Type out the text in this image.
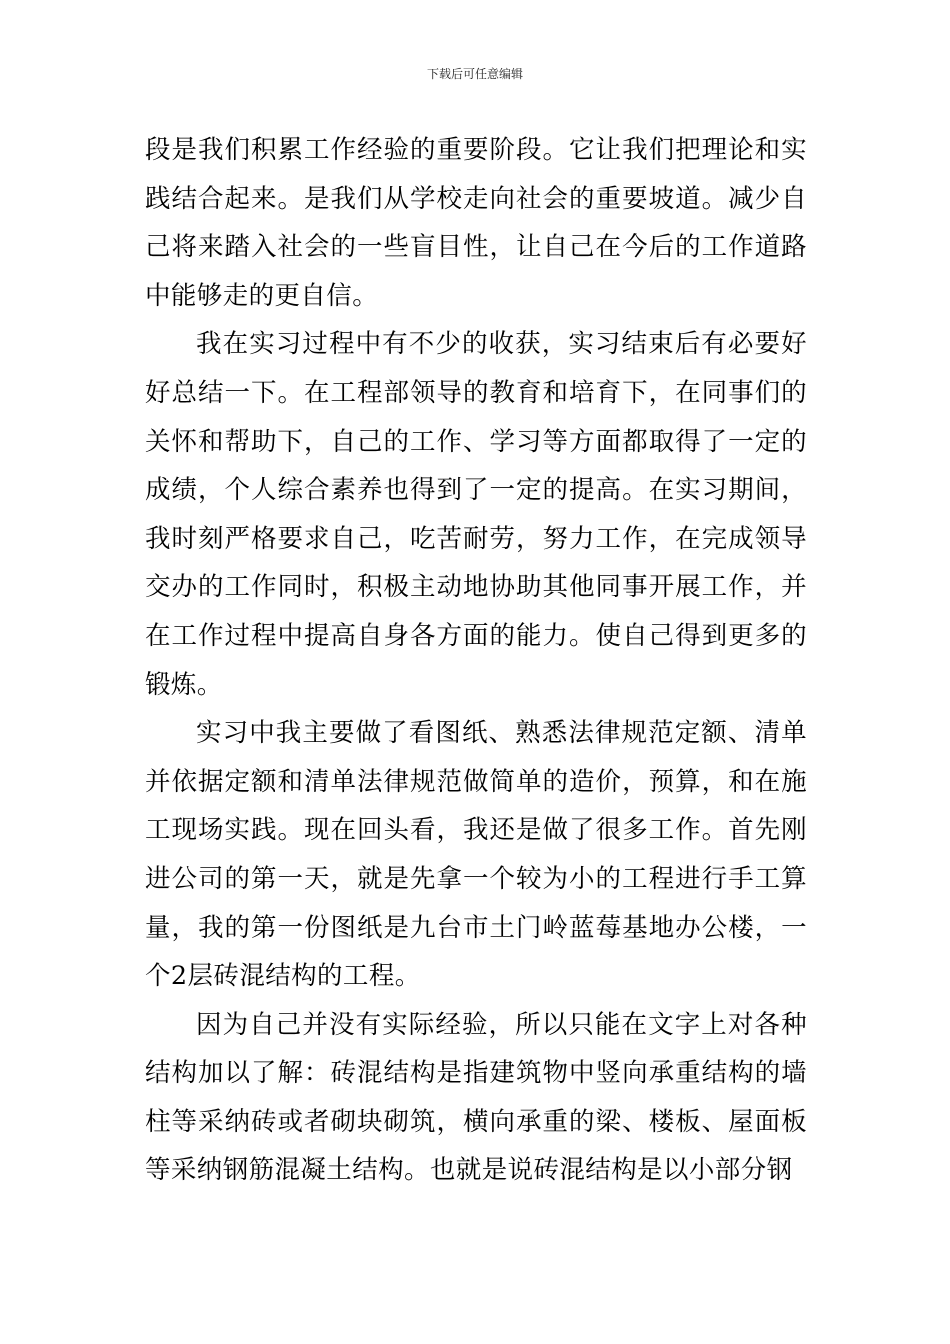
下载后可任意编辑

段是我们积累工作经验的重要阶段。它让我们把理论和实践结合起来。是我们从学校走向社会的重要坡道。减少自己将来踏入社会的一些盲目性，让自己在今后的工作道路中能够走的更自信。

我在实习过程中有不少的收获，实习结束后有必要好好总结一下。在工程部领导的教育和培育下，在同事们的关怀和帮助下，自己的工作、学习等方面都取得了一定的成绩，个人综合素养也得到了一定的提高。在实习期间，我时刻严格要求自己，吃苦耐劳，努力工作，在完成领导交办的工作同时，积极主动地协助其他同事开展工作，并在工作过程中提高自身各方面的能力。使自己得到更多的锻炼。

实习中我主要做了看图纸、熟悉法律规范定额、清单并依据定额和清单法律规范做简单的造价，预算，和在施工现场实践。现在回头看，我还是做了很多工作。首先刚进公司的第一天，就是先拿一个较为小的工程进行手工算量，我的第一份图纸是九台市土门岭蓝莓基地办公楼，一个2层砖混结构的工程。

因为自己并没有实际经验，所以只能在文字上对各种结构加以了解：砖混结构是指建筑物中竖向承重结构的墙柱等采纳砖或者砌块砌筑，横向承重的梁、楼板、屋面板等采纳钢筋混凝土结构。也就是说砖混结构是以小部分钢
